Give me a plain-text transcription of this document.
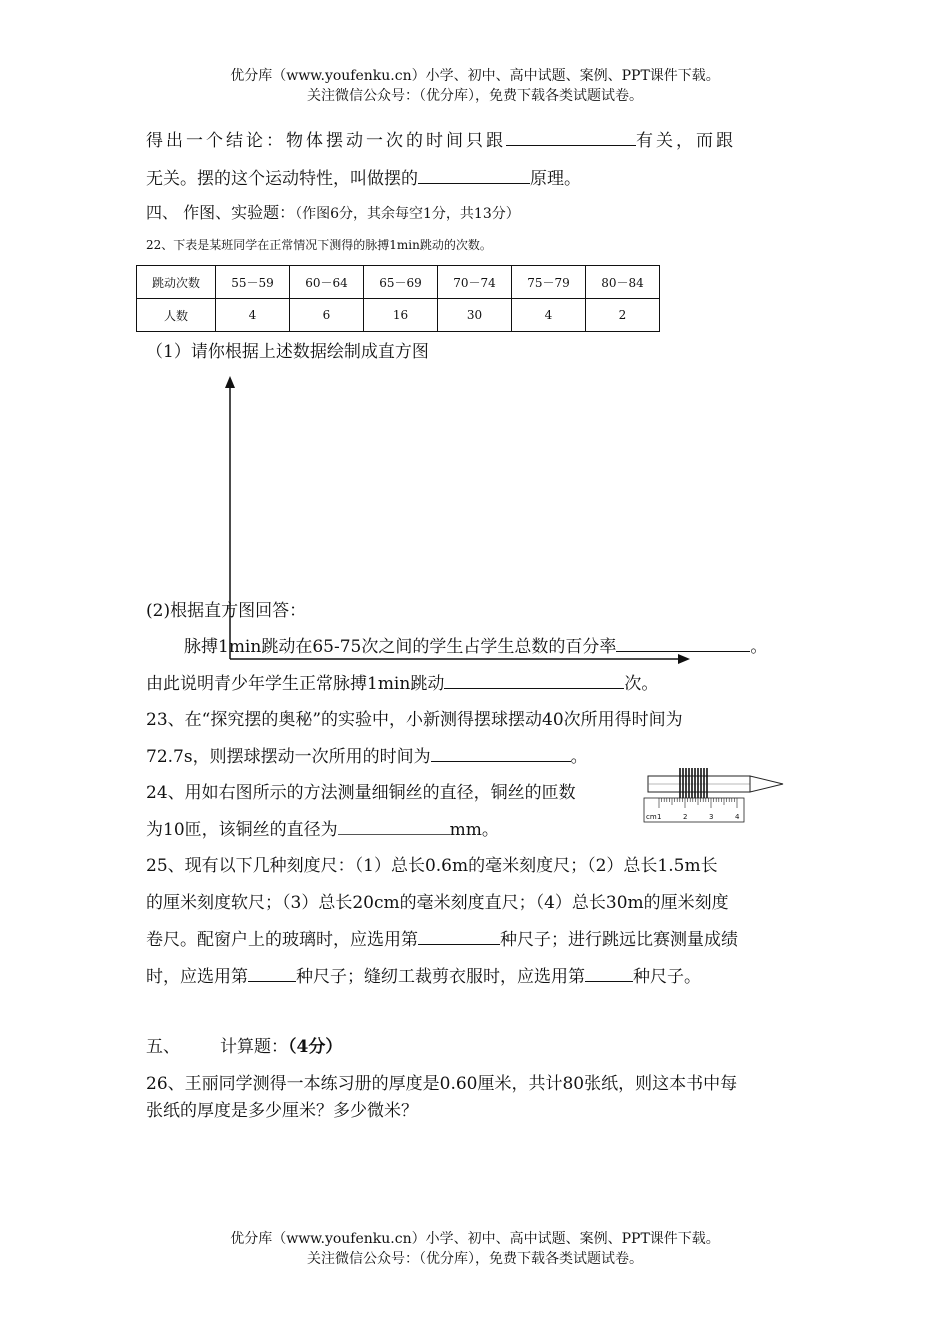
优分库（www.youfenku.cn）小学、初中、高中试题、案例、PPT课件下载。
关注微信公众号：（优分库），免费下载各类试题试卷。
得出一个结论：物体摆动一次的时间只跟	有关，而跟
无关。摆的这个运动特性，叫做摆的	原理。
四、 作图、实验题：（作图6分，其余每空1分，共13分）
22、下表是某班同学在正常情况下测得的脉搏1min跳动的次数。
跳动次数	55－59	60－64	65－69	70－74	75－79	80－84
人数	4	6	16	30	4	2
（1）请你根据上述数据绘制成直方图
(2)根据直方图回答：
脉搏1min跳动在65-75次之间的学生占学生总数的百分率	。
由此说明青少年学生正常脉搏1min跳动	次。
23、在“探究摆的奥秘”的实验中，小新测得摆球摆动40次所用得时间为
72.7s，则摆球摆动一次所用的时间为	。
24、用如右图所示的方法测量细铜丝的直径，铜丝的匝数
为10匝，该铜丝的直径为	mm。
cm 1	2	3	4
25、现有以下几种刻度尺：（1）总长0.6m的毫米刻度尺；（2）总长1.5m长
的厘米刻度软尺；（3）总长20cm的毫米刻度直尺；（4）总长30m的厘米刻度
卷尺。配窗户上的玻璃时，应选用第	种尺子；进行跳远比赛测量成绩
时，应选用第	种尺子；缝纫工裁剪衣服时，应选用第	种尺子。
五、 计算题：（4分）
26、王丽同学测得一本练习册的厚度是0.60厘米，共计80张纸，则这本书中每
张纸的厚度是多少厘米？多少微米？
优分库（www.youfenku.cn）小学、初中、高中试题、案例、PPT课件下载。
关注微信公众号：（优分库），免费下载各类试题试卷。
